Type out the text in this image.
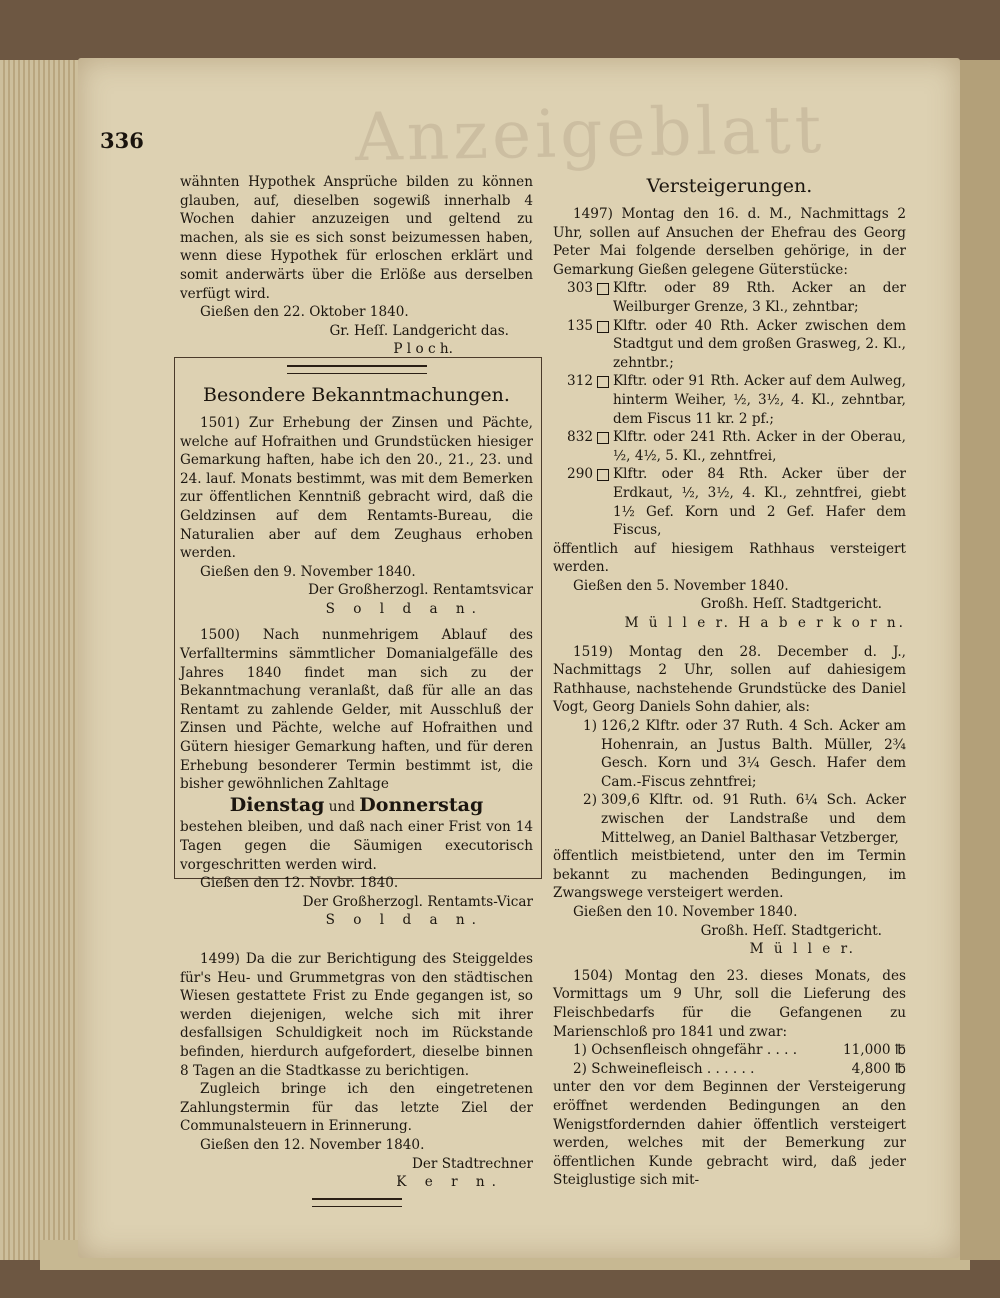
Anzeigeblatt
336

wähnten Hypothek Ansprüche bilden zu können glauben, auf, dieselben sogewiß innerhalb 4 Wochen dahier anzuzeigen und geltend zu machen, als sie es sich sonst beizumessen haben, wenn diese Hypothek für erloschen erklärt und somit anderwärts über die Erlöße aus derselben verfügt wird.

Gießen den 22. Oktober 1840.

Gr. Heſſ. Landgericht das.

P l o c h.

Besondere Bekanntmachungen.

1501) Zur Erhebung der Zinsen und Pächte, welche auf Hofraithen und Grundstücken hiesiger Gemarkung haften, habe ich den 20., 21., 23. und 24. lauf. Monats bestimmt, was mit dem Bemerken zur öffentlichen Kenntniß gebracht wird, daß die Geldzinsen auf dem Rentamts-Bureau, die Naturalien aber auf dem Zeughaus erhoben werden.

Gießen den 9. November 1840.

Der Großherzogl. Rentamtsvicar

S o l d a n.

1500) Nach nunmehrigem Ablauf des Verfalltermins sämmtlicher Domanialgefälle des Jahres 1840 findet man sich zu der Bekanntmachung veranlaßt, daß für alle an das Rentamt zu zahlende Gelder, mit Ausschluß der Zinsen und Pächte, welche auf Hofraithen und Gütern hiesiger Gemarkung haften, und für deren Erhebung besonderer Termin bestimmt ist, die bisher gewöhnlichen Zahltage

Dienstag und Donnerstag

bestehen bleiben, und daß nach einer Frist von 14 Tagen gegen die Säumigen executorisch vorgeschritten werden wird.

Gießen den 12. Novbr. 1840.

Der Großherzogl. Rentamts-Vicar

S o l d a n.

1499) Da die zur Berichtigung des Steiggeldes für's Heu- und Grummetgras von den städtischen Wiesen gestattete Frist zu Ende gegangen ist, so werden diejenigen, welche sich mit ihrer desfallsigen Schuldigkeit noch im Rückstande befinden, hierdurch aufgefordert, dieselbe binnen 8 Tagen an die Stadtkasse zu berichtigen.

Zugleich bringe ich den eingetretenen Zahlungstermin für das letzte Ziel der Communalsteuern in Erinnerung.

Gießen den 12. November 1840.

Der Stadtrechner

K e r n.

Versteigerungen.

1497) Montag den 16. d. M., Nachmittags 2 Uhr, sollen auf Ansuchen der Ehefrau des Georg Peter Mai folgende derselben gehörige, in der Gemarkung Gießen gelegene Güterstücke:

303 Klftr. oder 89 Rth. Acker an der Weilburger Grenze, 3 Kl., zehntbar;
135 Klftr. oder 40 Rth. Acker zwischen dem Stadtgut und dem großen Grasweg, 2. Kl., zehntbr.;
312 Klftr. oder 91 Rth. Acker auf dem Aulweg, hinterm Weiher, ½, 3½, 4. Kl., zehntbar, dem Fiscus 11 kr. 2 pf.;
832 Klftr. oder 241 Rth. Acker in der Oberau, ½, 4½, 5. Kl., zehntfrei,
290 Klftr. oder 84 Rth. Acker über der Erdkaut, ½, 3½, 4. Kl., zehntfrei, giebt 1½ Gef. Korn und 2 Gef. Hafer dem Fiscus,

öffentlich auf hiesigem Rathhaus versteigert werden.

Gießen den 5. November 1840.

Großh. Heſſ. Stadtgericht.

M ü l l e r. H a b e r k o r n.

1519) Montag den 28. December d. J., Nachmittags 2 Uhr, sollen auf dahiesigem Rathhause, nachstehende Grundstücke des Daniel Vogt, Georg Daniels Sohn dahier, als:

1) 126,2 Klftr. oder 37 Ruth. 4 Sch. Acker am Hohenrain, an Justus Balth. Müller, 2¾ Gesch. Korn und 3¼ Gesch. Hafer dem Cam.-Fiscus zehntfrei;
2) 309,6 Klftr. od. 91 Ruth. 6¼ Sch. Acker zwischen der Landstraße und dem Mittelweg, an Daniel Balthasar Vetzberger,

öffentlich meistbietend, unter den im Termin bekannt zu machenden Bedingungen, im Zwangswege versteigert werden.

Gießen den 10. November 1840.

Großh. Heſſ. Stadtgericht.

M ü l l e r.

1504) Montag den 23. dieses Monats, des Vormittags um 9 Uhr, soll die Lieferung des Fleischbedarfs für die Gefangenen zu Marienschloß pro 1841 und zwar:

1) Ochsenfleisch ohngefähr . . . .	11,000 ℔
2) Schweinefleisch . . . . . .	4,800 ℔

unter den vor dem Beginnen der Versteigerung eröffnet werdenden Bedingungen an den Wenigstfordernden dahier öffentlich versteigert werden, welches mit der Bemerkung zur öffentlichen Kunde gebracht wird, daß jeder Steiglustige sich mit-
